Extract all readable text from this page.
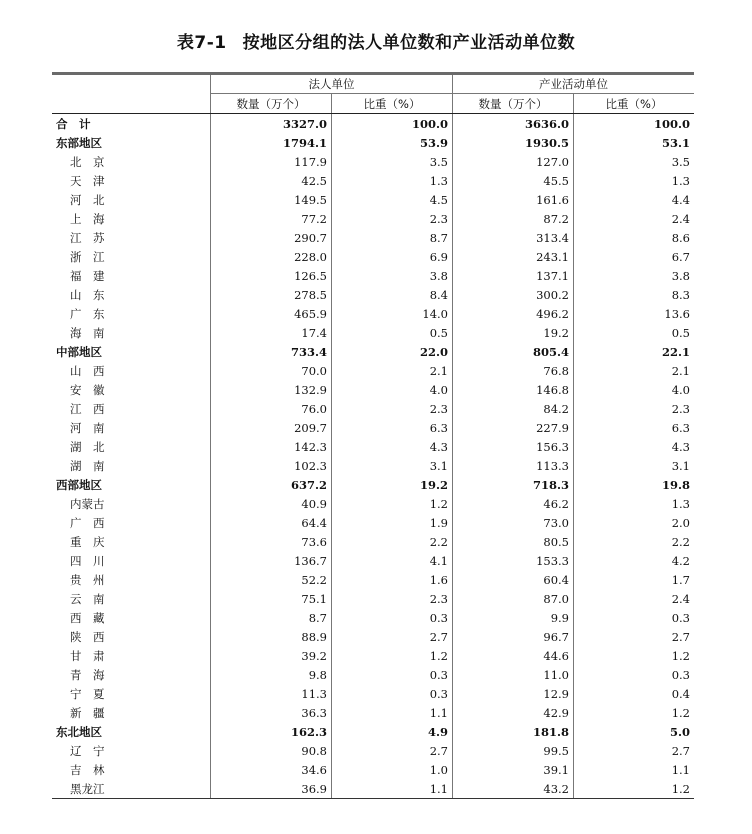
表7-1 按地区分组的法人单位数和产业活动单位数
法人单位	产业活动单位
数量（万个）	比重（%）	数量（万个）	比重（%）
合　计	3327.0	100.0	3636.0	100.0
东部地区	1794.1	53.9	1930.5	53.1
北　京	117.9	3.5	127.0	3.5
天　津	42.5	1.3	45.5	1.3
河　北	149.5	4.5	161.6	4.4
上　海	77.2	2.3	87.2	2.4
江　苏	290.7	8.7	313.4	8.6
浙　江	228.0	6.9	243.1	6.7
福　建	126.5	3.8	137.1	3.8
山　东	278.5	8.4	300.2	8.3
广　东	465.9	14.0	496.2	13.6
海　南	17.4	0.5	19.2	0.5
中部地区	733.4	22.0	805.4	22.1
山　西	70.0	2.1	76.8	2.1
安　徽	132.9	4.0	146.8	4.0
江　西	76.0	2.3	84.2	2.3
河　南	209.7	6.3	227.9	6.3
湖　北	142.3	4.3	156.3	4.3
湖　南	102.3	3.1	113.3	3.1
西部地区	637.2	19.2	718.3	19.8
内蒙古	40.9	1.2	46.2	1.3
广　西	64.4	1.9	73.0	2.0
重　庆	73.6	2.2	80.5	2.2
四　川	136.7	4.1	153.3	4.2
贵　州	52.2	1.6	60.4	1.7
云　南	75.1	2.3	87.0	2.4
西　藏	8.7	0.3	9.9	0.3
陕　西	88.9	2.7	96.7	2.7
甘　肃	39.2	1.2	44.6	1.2
青　海	9.8	0.3	11.0	0.3
宁　夏	11.3	0.3	12.9	0.4
新　疆	36.3	1.1	42.9	1.2
东北地区	162.3	4.9	181.8	5.0
辽　宁	90.8	2.7	99.5	2.7
吉　林	34.6	1.0	39.1	1.1
黑龙江	36.9	1.1	43.2	1.2
